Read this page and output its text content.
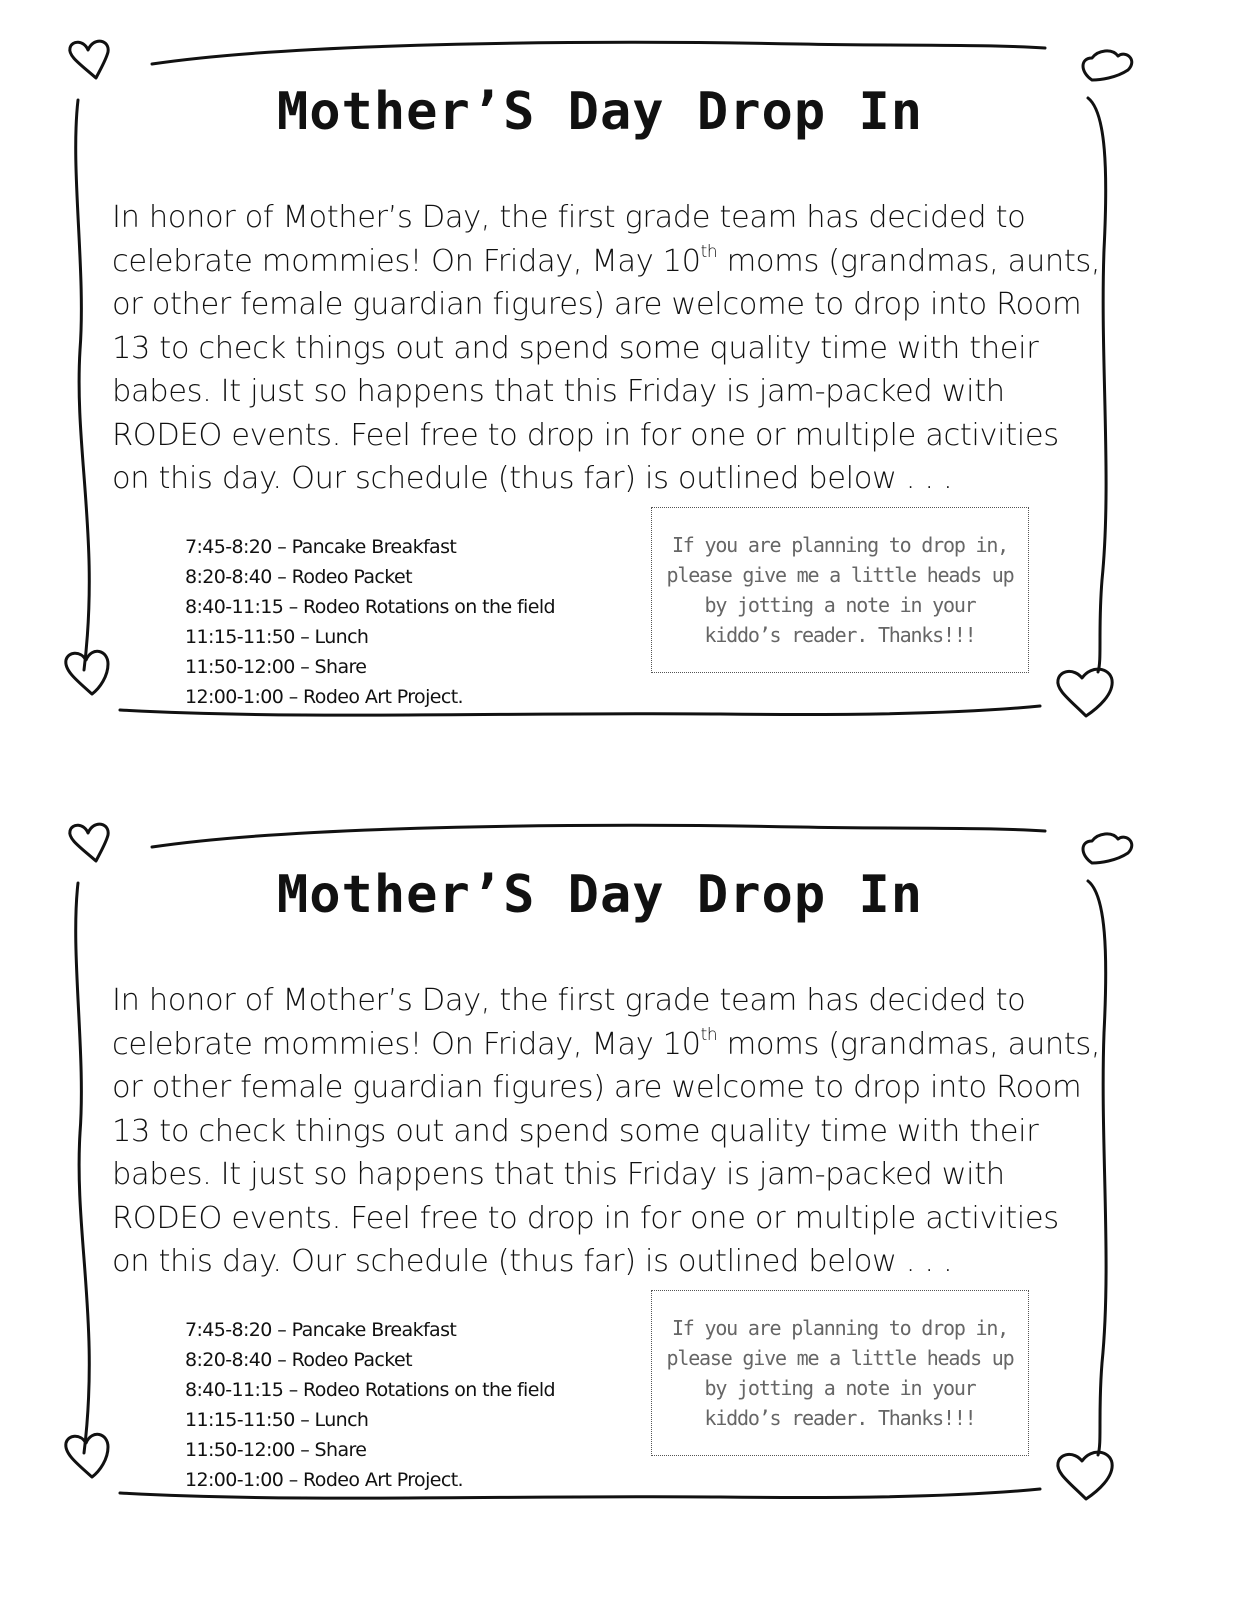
Mother’S Day Drop In

In honor of Mother’s Day, the first grade team has decided to celebrate mommies! On Friday, May 10th moms (grandmas, aunts, or other female guardian figures) are welcome to drop into Room 13 to check things out and spend some quality time with their babes. It just so happens that this Friday is jam-packed with RODEO events. Feel free to drop in for one or multiple activities on this day. Our schedule (thus far) is outlined below . . .

7:45-8:20 – Pancake Breakfast
8:20-8:40 – Rodeo Packet
8:40-11:15 – Rodeo Rotations on the field
11:15-11:50 – Lunch
11:50-12:00 – Share
12:00-1:00 – Rodeo Art Project.
If you are planning to drop in, please give me a little heads up by jotting a note in your kiddo’s reader. Thanks!!!
Mother’S Day Drop In

In honor of Mother’s Day, the first grade team has decided to celebrate mommies! On Friday, May 10th moms (grandmas, aunts, or other female guardian figures) are welcome to drop into Room 13 to check things out and spend some quality time with their babes. It just so happens that this Friday is jam-packed with RODEO events. Feel free to drop in for one or multiple activities on this day. Our schedule (thus far) is outlined below . . .

7:45-8:20 – Pancake Breakfast
8:20-8:40 – Rodeo Packet
8:40-11:15 – Rodeo Rotations on the field
11:15-11:50 – Lunch
11:50-12:00 – Share
12:00-1:00 – Rodeo Art Project.
If you are planning to drop in, please give me a little heads up by jotting a note in your kiddo’s reader. Thanks!!!
